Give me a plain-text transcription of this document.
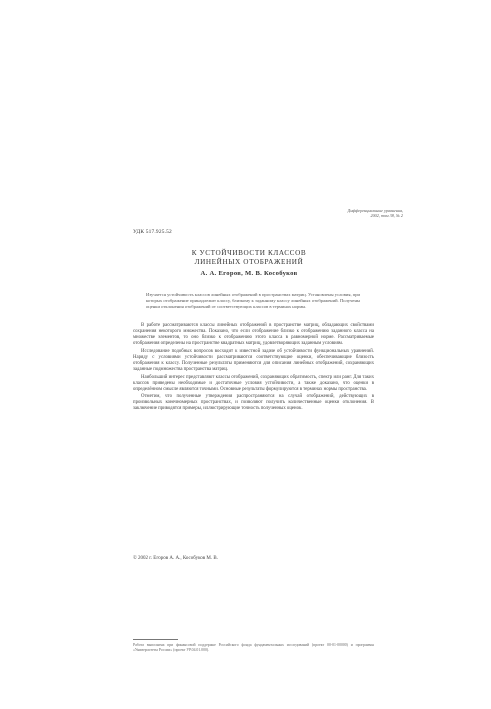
Дифференциальные уравнения,
2002, том 38, № 2
УДК 517.925.52
К УСТОЙЧИВОСТИ КЛАССОВ
ЛИНЕЙНЫХ ОТОБРАЖЕНИЙ
А. А. Егоров, М. В. Кособуков
Изучается устойчивость классов линейных отображений в пространствах матриц. Установлены условия, при которых отображение принадлежит классу, близкому к заданному классу линейных отображений. Получены оценки отклонения отображений от соответствующих классов в терминах нормы.

В работе рассматриваются классы линейных отображений в пространстве матриц, обладающих свойствами сохранения некоторого множества. Показано, что если отображение близко к отображению заданного класса на множестве элементов, то оно близко к отображению этого класса в равномерной норме. Рассматриваемые отображения определены на пространстве квадратных матриц, удовлетворяющих заданным условиям.

Исследование подобных вопросов восходит к известной задаче об устойчивости функциональных уравнений. Наряду с условиями устойчивости рассматриваются соответствующие оценки, обеспечивающие близость отображения к классу. Полученные результаты применяются для описания линейных отображений, сохраняющих заданные подмножества пространства матриц.

Наибольший интерес представляют классы отображений, сохраняющих обратимость, спектр или ранг. Для таких классов приведены необходимые и достаточные условия устойчивости, а также доказано, что оценки в определённом смысле являются точными. Основные результаты формулируются в терминах нормы пространства.

Отметим, что полученные утверждения распространяются на случай отображений, действующих в произвольных конечномерных пространствах, и позволяют получить количественные оценки отклонения. В заключение приводятся примеры, иллюстрирующие точность полученных оценок.

© 2002 г. Егоров А. А., Кособуков М. В.
Работа выполнена при финансовой поддержке Российского фонда фундаментальных исследований (проект 00-01-00000) и программы «Университеты России» (проект УР.04.01.000).
